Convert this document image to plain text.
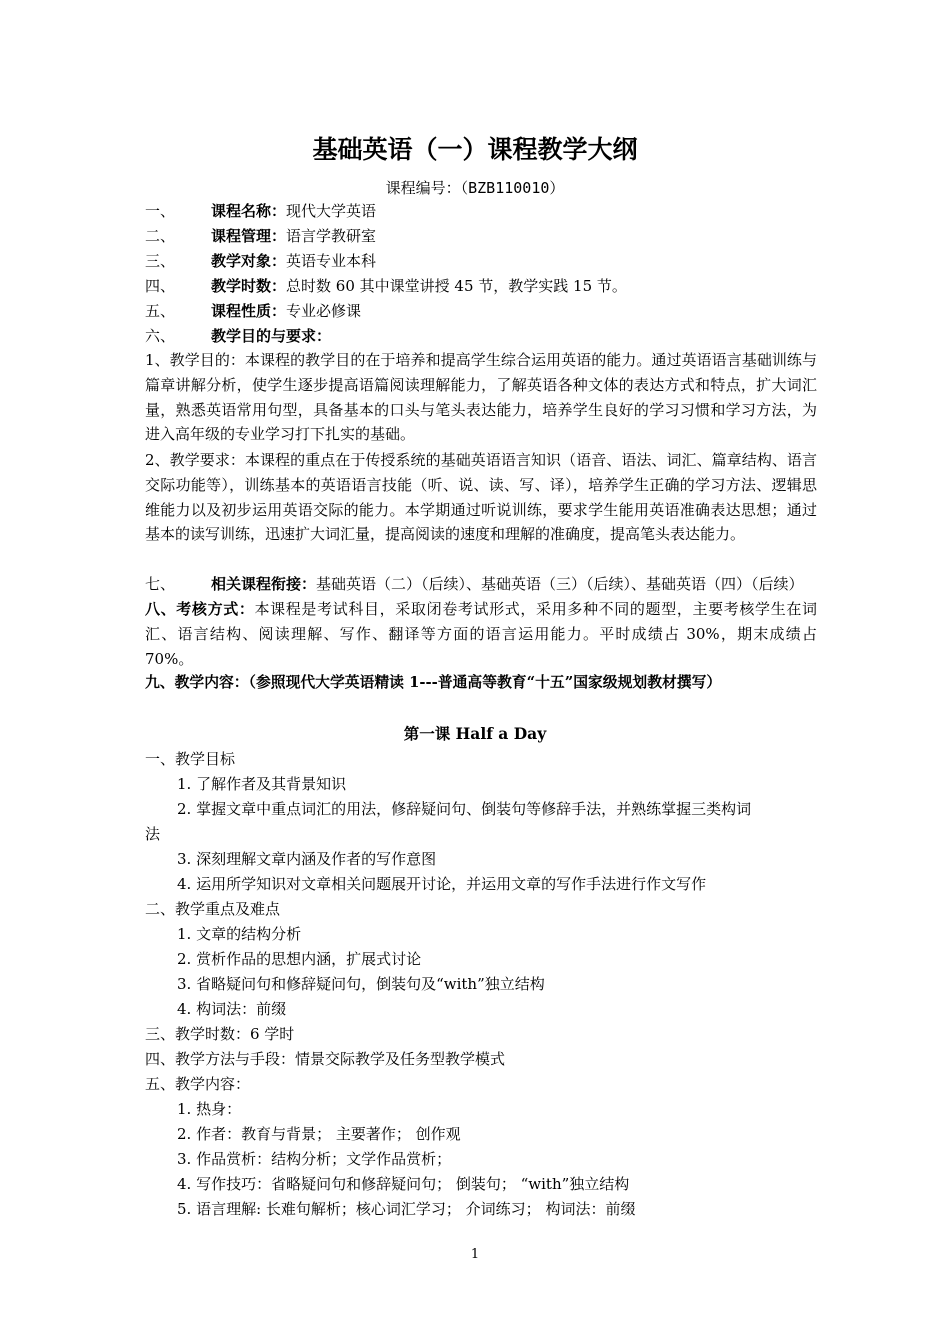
基础英语（一）课程教学大纲
课程编号：（BZB110010）
一、 课程名称：现代大学英语
二、 课程管理：语言学教研室
三、 教学对象：英语专业本科
四、 教学时数：总时数 60 其中课堂讲授 45 节，教学实践 15 节。
五、 课程性质：专业必修课
六、 教学目的与要求：
1、教学目的：本课程的教学目的在于培养和提高学生综合运用英语的能力。通过英语语言基础训练与篇章讲解分析，使学生逐步提高语篇阅读理解能力，了解英语各种文体的表达方式和特点，扩大词汇量，熟悉英语常用句型，具备基本的口头与笔头表达能力，培养学生良好的学习习惯和学习方法，为进入高年级的专业学习打下扎实的基础。
2、教学要求：本课程的重点在于传授系统的基础英语语言知识（语音、语法、词汇、篇章结构、语言交际功能等），训练基本的英语语言技能（听、说、读、写、译），培养学生正确的学习方法、逻辑思维能力以及初步运用英语交际的能力。本学期通过听说训练，要求学生能用英语准确表达思想；通过基本的读写训练，迅速扩大词汇量，提高阅读的速度和理解的准确度，提高笔头表达能力。
七、 相关课程衔接：基础英语（二）（后续）、基础英语（三）（后续）、基础英语（四）（后续）
八、考核方式：本课程是考试科目，采取闭卷考试形式，采用多种不同的题型，主要考核学生在词汇、语言结构、阅读理解、写作、翻译等方面的语言运用能力。平时成绩占 30%，期末成绩占 70%。
九、教学内容：（参照现代大学英语精读 1---普通高等教育“十五”国家级规划教材撰写）
第一课 Half a Day
一、教学目标
1. 了解作者及其背景知识
2. 掌握文章中重点词汇的用法，修辞疑问句、倒装句等修辞手法，并熟练掌握三类构词
法
3. 深刻理解文章内涵及作者的写作意图
4. 运用所学知识对文章相关问题展开讨论，并运用文章的写作手法进行作文写作
二、教学重点及难点
1. 文章的结构分析
2. 赏析作品的思想内涵，扩展式讨论
3. 省略疑问句和修辞疑问句，倒装句及“with”独立结构
4. 构词法：前缀
三、教学时数：6 学时
四、教学方法与手段：情景交际教学及任务型教学模式
五、教学内容：
1. 热身：
2. 作者：教育与背景； 主要著作； 创作观
3. 作品赏析：结构分析；文学作品赏析；
4. 写作技巧：省略疑问句和修辞疑问句； 倒装句； “with”独立结构
5. 语言理解: 长难句解析；核心词汇学习； 介词练习； 构词法：前缀
1
